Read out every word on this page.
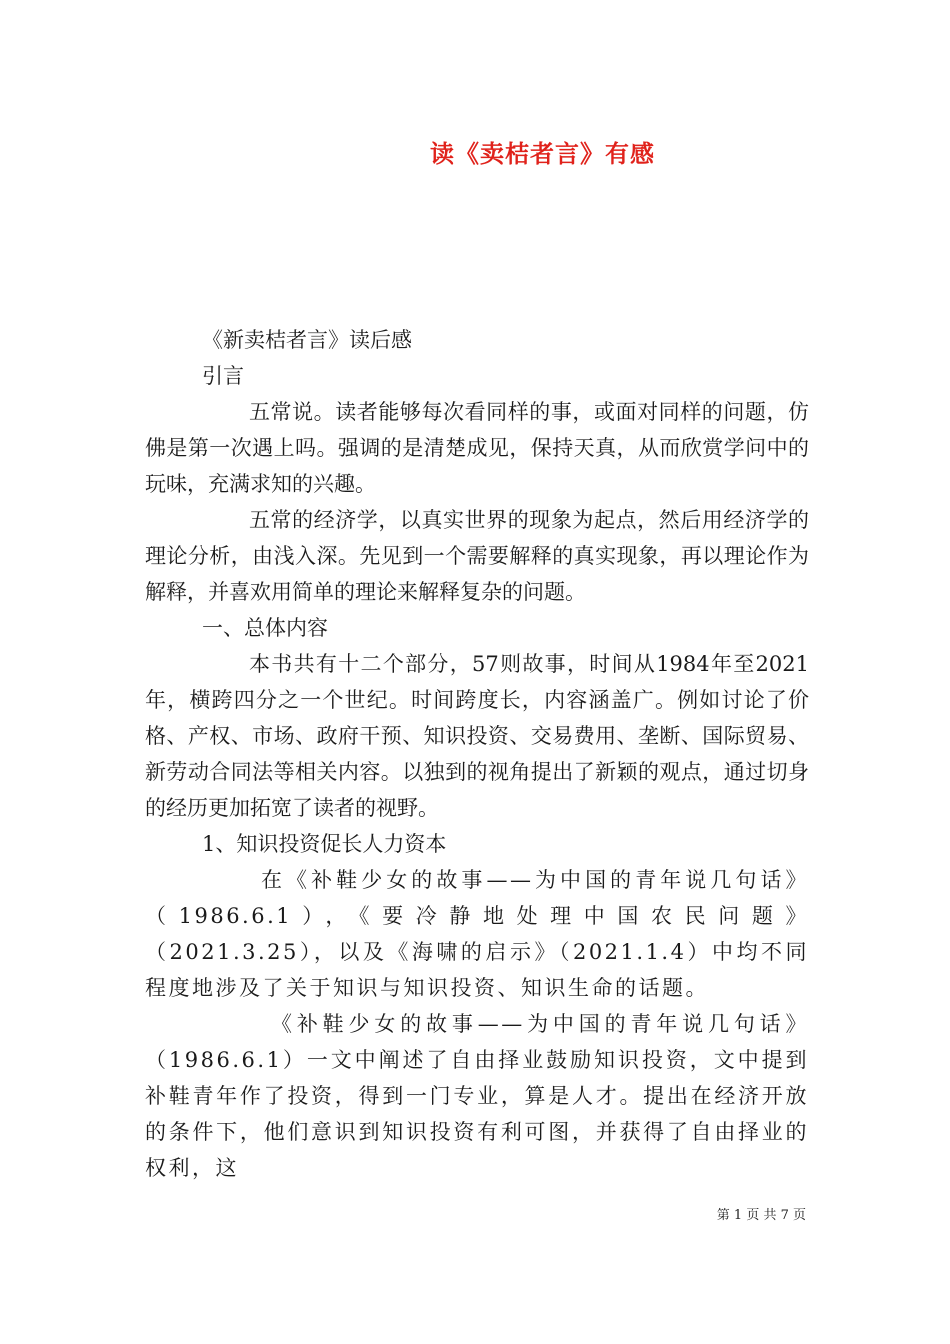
读《卖桔者言》有感

《新卖桔者言》读后感

引言

五常说。读者能够每次看同样的事，或面对同样的问题，仿佛是第一次遇上吗。强调的是清楚成见，保持天真，从而欣赏学问中的玩味，充满求知的兴趣。

五常的经济学，以真实世界的现象为起点，然后用经济学的理论分析，由浅入深。先见到一个需要解释的真实现象，再以理论作为解释，并喜欢用简单的理论来解释复杂的问题。

一、总体内容

本书共有十二个部分，57则故事，时间从1984年至2021年，横跨四分之一个世纪。时间跨度长，内容涵盖广。例如讨论了价格、产权、市场、政府干预、知识投资、交易费用、垄断、国际贸易、新劳动合同法等相关内容。以独到的视角提出了新颖的观点，通过切身的经历更加拓宽了读者的视野。

1、知识投资促长人力资本

在《补鞋少女的故事——为中国的青年说几句话》（1986.6.1），《要冷静地处理中国农民问题》（2021.3.25），以及《海啸的启示》（2021.1.4）中均不同程度地涉及了关于知识与知识投资、知识生命的话题。

《补鞋少女的故事——为中国的青年说几句话》（1986.6.1）一文中阐述了自由择业鼓励知识投资，文中提到补鞋青年作了投资，得到一门专业，算是人才。提出在经济开放的条件下，他们意识到知识投资有利可图，并获得了自由择业的权利，这

第 1 页 共 7 页
